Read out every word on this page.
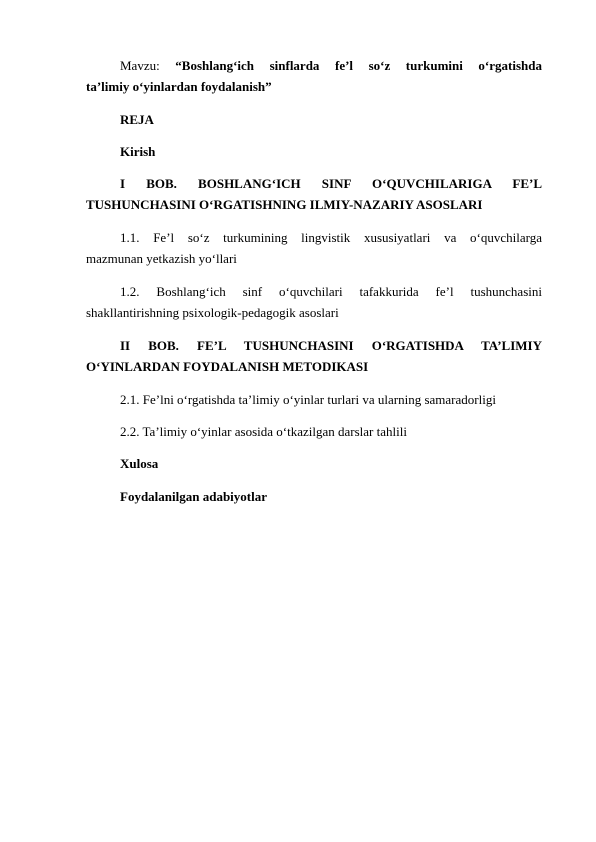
Mavzu: “Boshlang‘ich sinflarda fe’l so‘z turkumini o‘rgatishda
ta’limiy o‘yinlardan foydalanish”

REJA

Kirish

I BOB. BOSHLANG‘ICH SINF O‘QUVCHILARIGA FE’L
TUSHUNCHASINI O‘RGATISHNING ILMIY-NAZARIY ASOSLARI

1.1. Fe’l so‘z turkumining lingvistik xususiyatlari va o‘quvchilarga
mazmunan yetkazish yo‘llari

1.2. Boshlang‘ich sinf o‘quvchilari tafakkurida fe’l tushunchasini
shakllantirishning psixologik-pedagogik asoslari

II BOB. FE’L TUSHUNCHASINI O‘RGATISHDA TA’LIMIY
O‘YINLARDAN FOYDALANISH METODIKASI

2.1. Fe’lni o‘rgatishda ta’limiy o‘yinlar turlari va ularning samaradorligi

2.2. Ta’limiy o‘yinlar asosida o‘tkazilgan darslar tahlili

Xulosa

Foydalanilgan adabiyotlar
